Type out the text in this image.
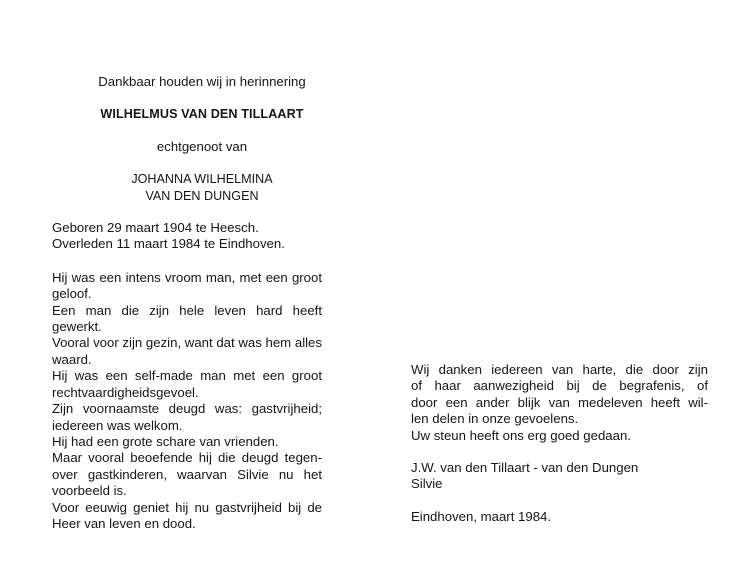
Dankbaar houden wij in herinnering
WILHELMUS VAN DEN TILLAART
echtgenoot van
JOHANNA WILHELMINA
VAN DEN DUNGEN
Geboren 29 maart 1904 te Heesch.
Overleden 11 maart 1984 te Eindhoven.
Hij was een intens vroom man, met een groot
geloof.
Een man die zijn hele leven hard heeft
gewerkt.
Vooral voor zijn gezin, want dat was hem alles
waard.
Hij was een self-made man met een groot
rechtvaardigheidsgevoel.
Zijn voornaamste deugd was: gastvrijheid;
iedereen was welkom.
Hij had een grote schare van vrienden.
Maar vooral beoefende hij die deugd tegen-
over gastkinderen, waarvan Silvie nu het
voorbeeld is.
Voor eeuwig geniet hij nu gastvrijheid bij de
Heer van leven en dood.
Wij danken iedereen van harte, die door zijn
of haar aanwezigheid bij de begrafenis, of
door een ander blijk van medeleven heeft wil-
len delen in onze gevoelens.
Uw steun heeft ons erg goed gedaan.
J.W. van den Tillaart - van den Dungen
Silvie
Eindhoven, maart 1984.
